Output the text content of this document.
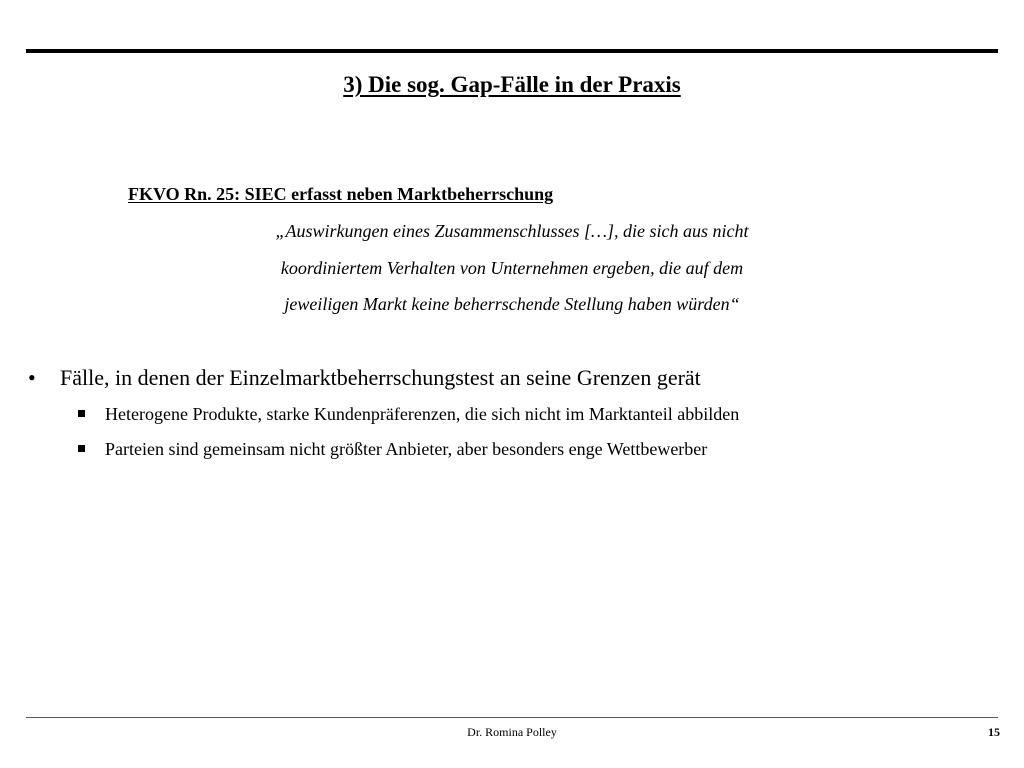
3) Die sog. Gap-Fälle in der Praxis

FKVO Rn. 25: SIEC erfasst neben Marktbeherrschung

„Auswirkungen eines Zusammenschlusses […], die sich aus nicht

koordiniertem Verhalten von Unternehmen ergeben, die auf dem

jeweiligen Markt keine beherrschende Stellung haben würden“

• Fälle, in denen der Einzelmarktbeherrschungstest an seine Grenzen gerät

Heterogene Produkte, starke Kundenpräferenzen, die sich nicht im Marktanteil abbilden

Parteien sind gemeinsam nicht größter Anbieter, aber besonders enge Wettbewerber

Dr. Romina Polley	15
